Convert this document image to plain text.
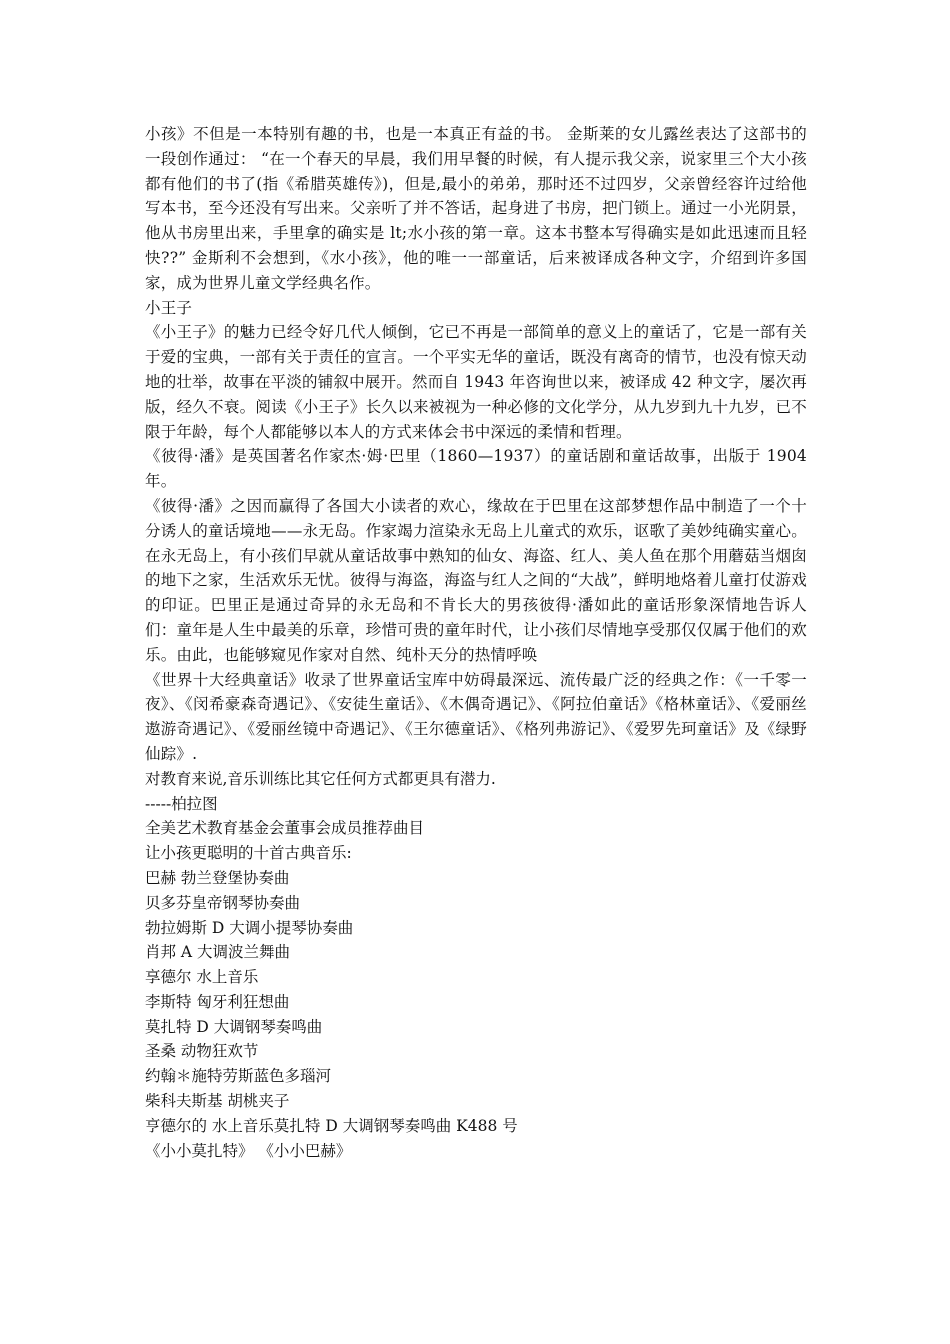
小孩》不但是一本特别有趣的书，也是一本真正有益的书。 金斯莱的女儿露丝表达了这部书的一段创作通过： “在一个春天的早晨，我们用早餐的时候，有人提示我父亲，说家里三个大小孩都有他们的书了(指《希腊英雄传》)，但是,最小的弟弟，那时还不过四岁，父亲曾经容许过给他写本书，至今还没有写出来。父亲听了并不答话，起身进了书房，把门锁上。通过一小光阴景，他从书房里出来，手里拿的确实是 lt;水小孩的第一章。这本书整本写得确实是如此迅速而且轻快??” 金斯利不会想到，《水小孩》，他的唯一一部童话，后来被译成各种文字，介绍到许多国家，成为世界儿童文学经典名作。

小王子

《小王子》的魅力已经令好几代人倾倒，它已不再是一部简单的意义上的童话了，它是一部有关于爱的宝典，一部有关于责任的宣言。一个平实无华的童话，既没有离奇的情节，也没有惊天动地的壮举，故事在平淡的铺叙中展开。然而自 1943 年咨询世以来，被译成 42 种文字，屡次再版，经久不衰。阅读《小王子》长久以来被视为一种必修的文化学分，从九岁到九十九岁，已不限于年龄，每个人都能够以本人的方式来体会书中深远的柔情和哲理。

《彼得·潘》是英国著名作家杰·姆·巴里（1860—1937）的童话剧和童话故事，出版于 1904 年。

《彼得·潘》之因而赢得了各国大小读者的欢心，缘故在于巴里在这部梦想作品中制造了一个十分诱人的童话境地——永无岛。作家竭力渲染永无岛上儿童式的欢乐，讴歌了美妙纯确实童心。在永无岛上，有小孩们早就从童话故事中熟知的仙女、海盗、红人、美人鱼在那个用蘑菇当烟囱的地下之家，生活欢乐无忧。彼得与海盗，海盗与红人之间的“大战”，鲜明地烙着儿童打仗游戏的印证。巴里正是通过奇异的永无岛和不肯长大的男孩彼得·潘如此的童话形象深情地告诉人们：童年是人生中最美的乐章，珍惜可贵的童年时代，让小孩们尽情地享受那仅仅属于他们的欢乐。由此，也能够窥见作家对自然、纯朴天分的热情呼唤

《世界十大经典童话》收录了世界童话宝库中妨碍最深远、流传最广泛的经典之作：《一千零一夜》、《闵希豪森奇遇记》、《安徒生童话》、《木偶奇遇记》、《阿拉伯童话》《格林童话》、《爱丽丝遨游奇遇记》、《爱丽丝镜中奇遇记》、《王尔德童话》、《格列弗游记》、《爱罗先珂童话》及《绿野仙踪》.

对教育来说,音乐训练比其它任何方式都更具有潜力.

-----柏拉图

全美艺术教育基金会董事会成员推荐曲目

让小孩更聪明的十首古典音乐:

巴赫 勃兰登堡协奏曲

贝多芬皇帝钢琴协奏曲

勃拉姆斯 D 大调小提琴协奏曲

肖邦 A 大调波兰舞曲

享德尔 水上音乐

李斯特 匈牙利狂想曲

莫扎特 D 大调钢琴奏鸣曲

圣桑 动物狂欢节

约翰＊施特劳斯蓝色多瑙河

柴科夫斯基 胡桃夹子

亨德尔的 水上音乐莫扎特 D 大调钢琴奏鸣曲 K488 号

《小小莫扎特》 《小小巴赫》
